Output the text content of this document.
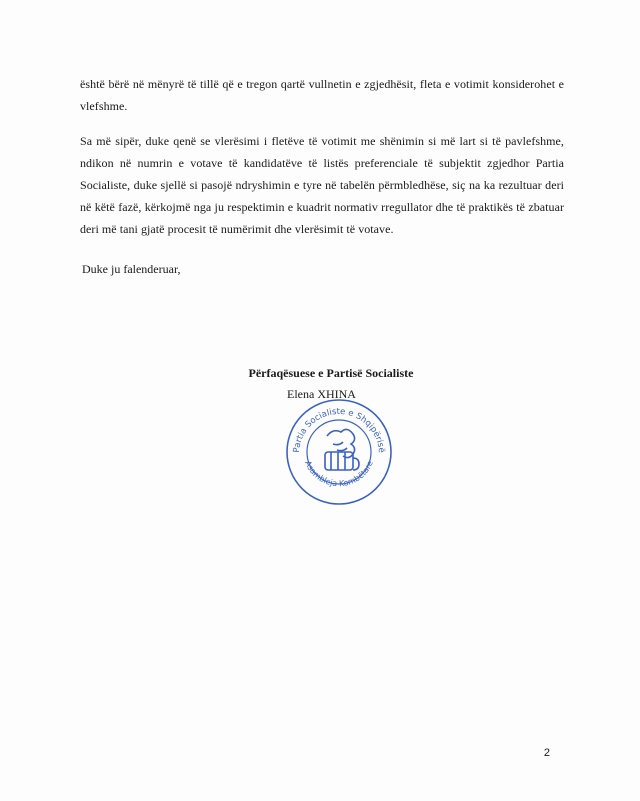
është bërë në mënyrë të tillë që e tregon qartë vullnetin e zgjedhësit, fleta e votimit konsiderohet e vlefshme.

Sa më sipër, duke qenë se vlerësimi i fletëve të votimit me shënimin si më lart si të pavlefshme, ndikon në numrin e votave të kandidatëve të listës preferenciale të subjektit zgjedhor Partia Socialiste, duke sjellë si pasojë ndryshimin e tyre në tabelën përmbledhëse, siç na ka rezultuar deri në këtë fazë, kërkojmë nga ju respektimin e kuadrit normativ rregullator dhe të praktikës të zbatuar deri më tani gjatë procesit të numërimit dhe vlerësimit të votave.

Duke ju falenderuar,
Përfaqësuese e Partisë Socialiste
Partia Socialiste e Shqipërisë
Asambleja Kombëtare
Elena XHINA
2
